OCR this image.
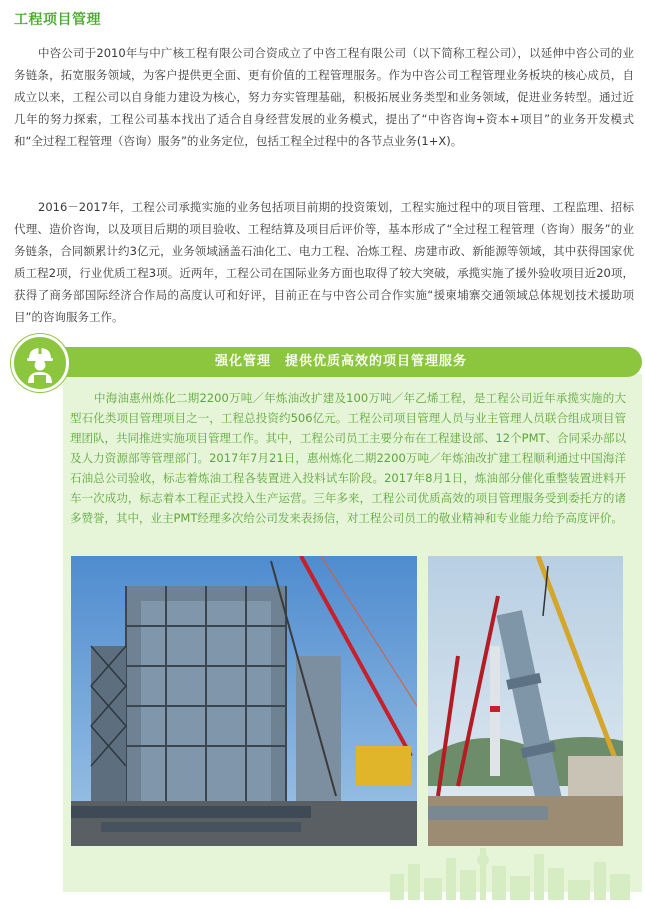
工程项目管理

中咨公司于2010年与中广核工程有限公司合资成立了中咨工程有限公司（以下简称工程公司），以延伸中咨公司的业务链条，拓宽服务领域，为客户提供更全面、更有价值的工程管理服务。作为中咨公司工程管理业务板块的核心成员，自成立以来，工程公司以自身能力建设为核心，努力夯实管理基础，积极拓展业务类型和业务领域，促进业务转型。通过近几年的努力探索，工程公司基本找出了适合自身经营发展的业务模式，提出了“中咨咨询+资本+项目”的业务开发模式和“全过程工程管理（咨询）服务”的业务定位，包括工程全过程中的各节点业务(1+X)。

2016－2017年，工程公司承揽实施的业务包括项目前期的投资策划，工程实施过程中的项目管理、工程监理、招标代理、造价咨询，以及项目后期的项目验收、工程结算及项目后评价等，基本形成了“全过程工程管理（咨询）服务”的业务链条，合同额累计约3亿元，业务领域涵盖石油化工、电力工程、冶炼工程、房建市政、新能源等领域，其中获得国家优质工程2项，行业优质工程3项。近两年，工程公司在国际业务方面也取得了较大突破，承揽实施了援外验收项目近20项，获得了商务部国际经济合作局的高度认可和好评，目前正在与中咨公司合作实施“援柬埔寨交通领域总体规划技术援助项目”的咨询服务工作。

强化管理　提供优质高效的项目管理服务

中海油惠州炼化二期2200万吨／年炼油改扩建及100万吨／年乙烯工程，是工程公司近年承揽实施的大型石化类项目管理项目之一，工程总投资约506亿元。工程公司项目管理人员与业主管理人员联合组成项目管理团队，共同推进实施项目管理工作。其中，工程公司员工主要分布在工程建设部、12个PMT、合同采办部以及人力资源部等管理部门。2017年7月21日，惠州炼化二期2200万吨／年炼油改扩建工程顺利通过中国海洋石油总公司验收，标志着炼油工程各装置进入投料试车阶段。2017年8月1日，炼油部分催化重整装置进料开车一次成功，标志着本工程正式投入生产运营。三年多来，工程公司优质高效的项目管理服务受到委托方的诸多赞誉，其中，业主PMT经理多次给公司发来表扬信，对工程公司员工的敬业精神和专业能力给予高度评价。
